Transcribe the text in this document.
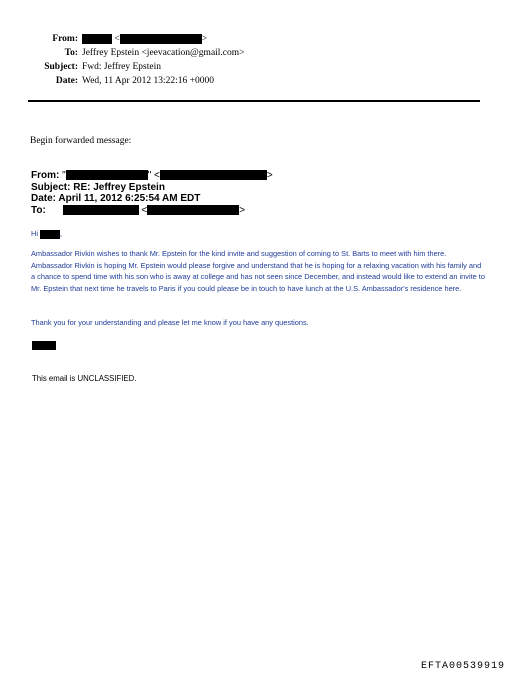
From:	<	>
To: Jeffrey Epstein <jeevacation@gmail.com>
Subject: Fwd: Jeffrey Epstein
Date: Wed, 11 Apr 2012 13:22:16 +0000
Begin forwarded message:
From: "	" <	>
Subject: RE: Jeffrey Epstein
Date: April 11, 2012 6:25:54 AM EDT
To:	<	>
Hi	,
Ambassador Rivkin wishes to thank Mr. Epstein for the kind invite and suggestion of coming to St. Barts to meet with him there. Ambassador Rivkin is hoping Mr. Epstein would please forgive and understand that he is hoping for a relaxing vacation with his family and a chance to spend time with his son who is away at college and has not seen since December, and instead would like to extend an invite to Mr. Epstein that next time he travels to Paris if you could please be in touch to have lunch at the U.S. Ambassador's residence here.
Thank you for your understanding and please let me know if you have any questions.
This email is UNCLASSIFIED.
EFTA00539919
